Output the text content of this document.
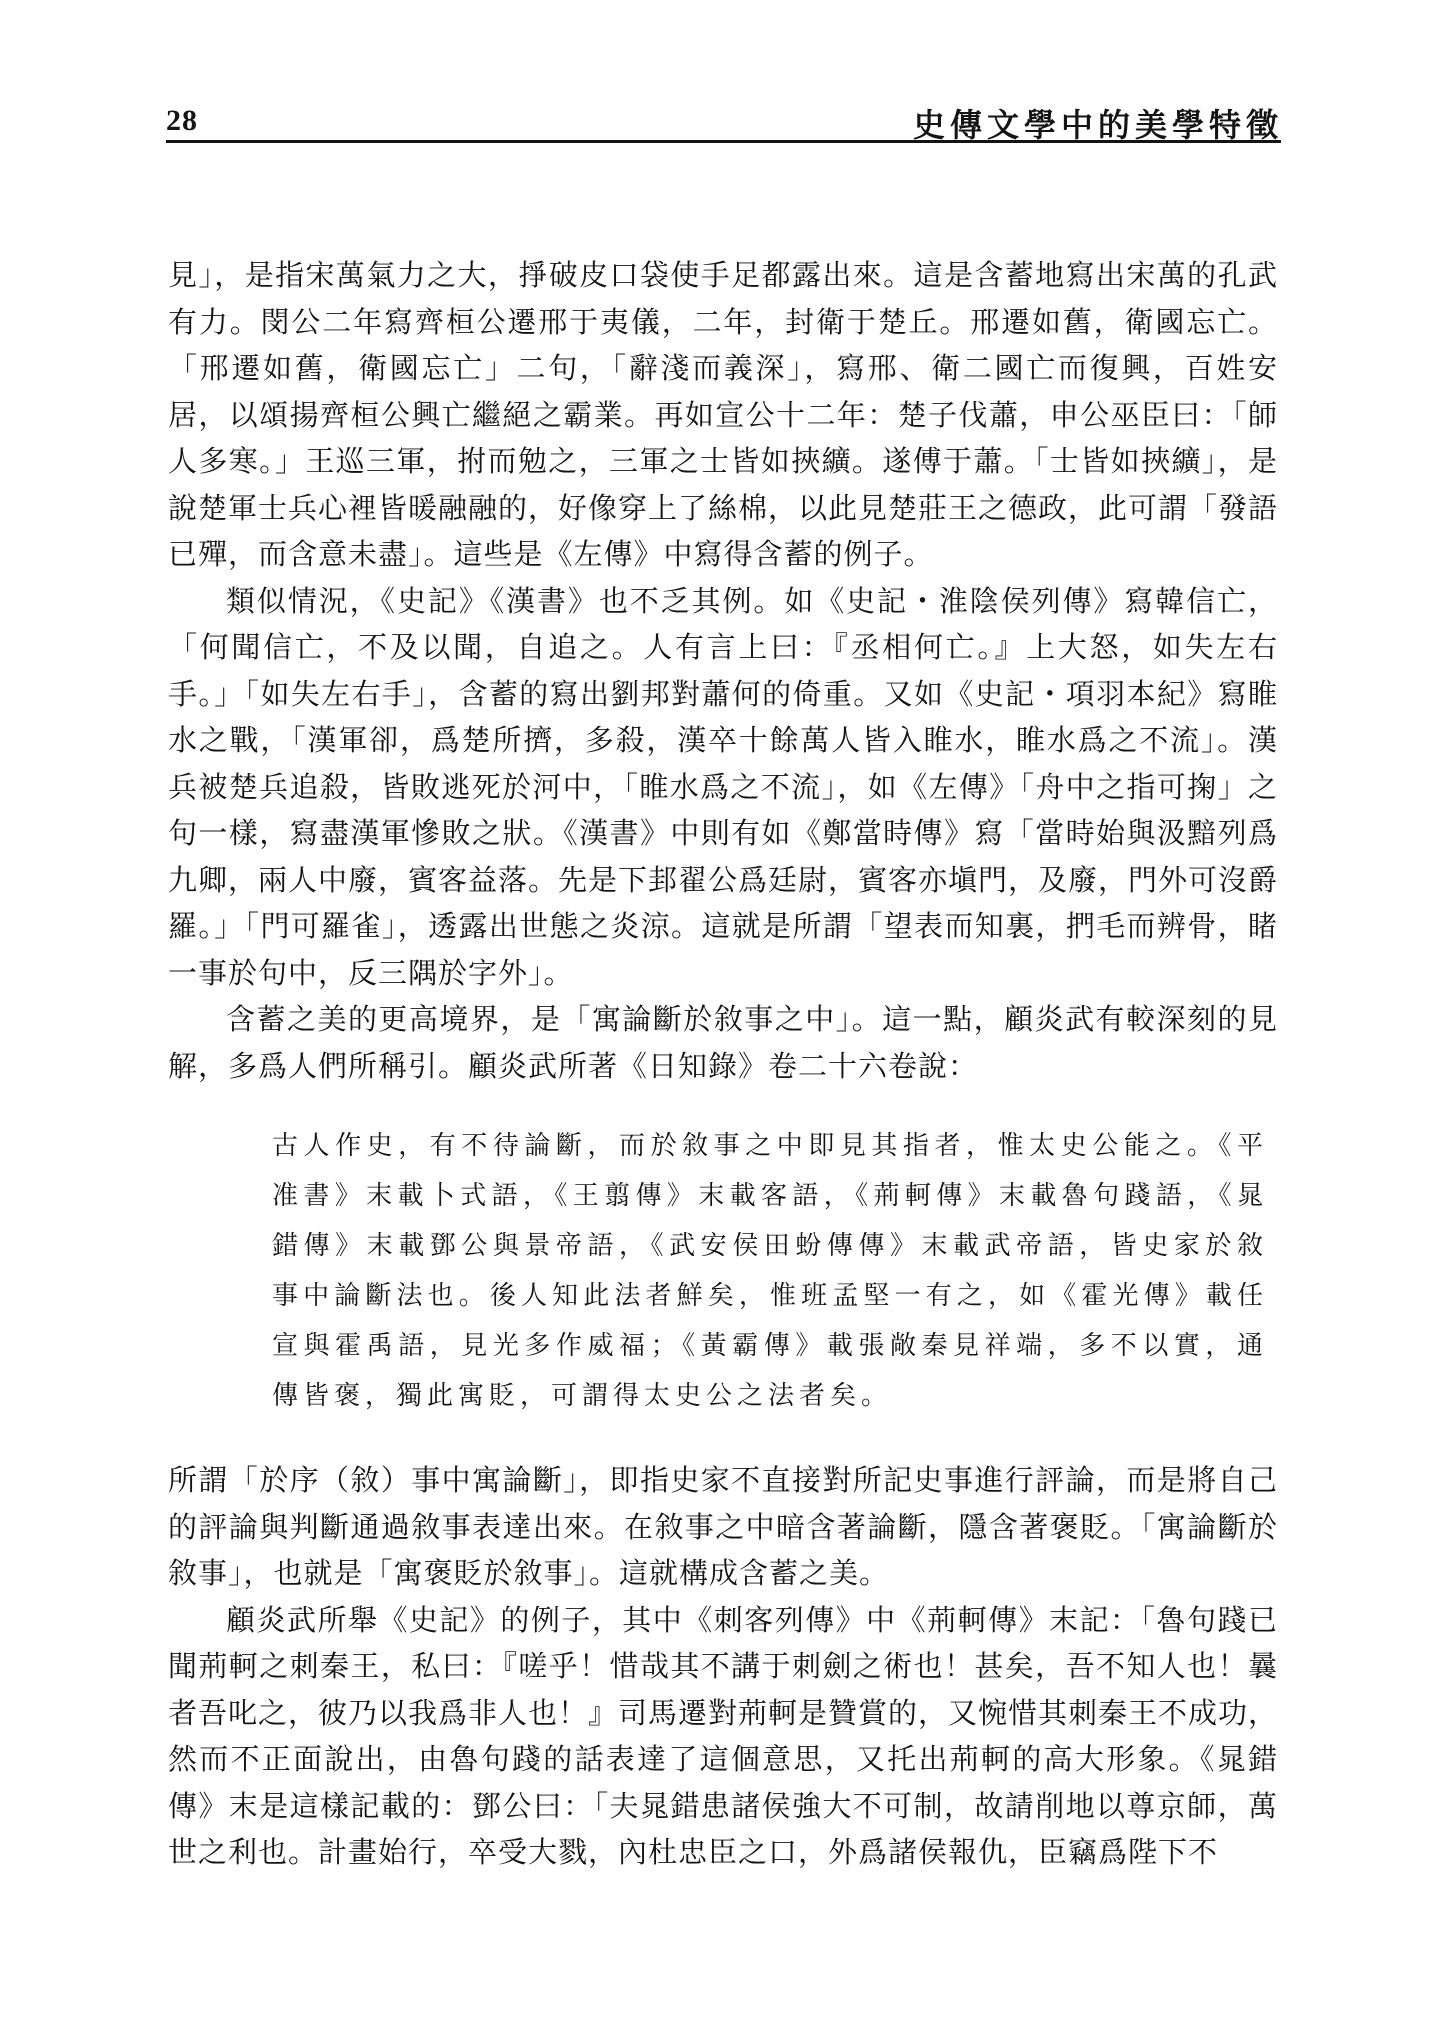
28	史傳文學中的美學特徵

見」，是指宋萬氣力之大，掙破皮口袋使手足都露出來。這是含蓄地寫出宋萬的孔武有力。閔公二年寫齊桓公遷邢于夷儀，二年，封衛于楚丘。邢遷如舊，衛國忘亡。「邢遷如舊，衛國忘亡」二句，「辭淺而義深」，寫邢、衛二國亡而復興，百姓安居，以頌揚齊桓公興亡繼絕之霸業。再如宣公十二年：楚子伐蕭，申公巫臣曰：「師人多寒。」王巡三軍，拊而勉之，三軍之士皆如挾纊。遂傅于蕭。「士皆如挾纊」，是說楚軍士兵心裡皆暖融融的，好像穿上了絲棉，以此見楚莊王之德政，此可謂「發語已殫，而含意未盡」。這些是《左傳》中寫得含蓄的例子。

類似情況，《史記》《漢書》也不乏其例。如《史記・淮陰侯列傳》寫韓信亡，「何聞信亡，不及以聞，自追之。人有言上曰：『丞相何亡。』上大怒，如失左右手。」「如失左右手」，含蓄的寫出劉邦對蕭何的倚重。又如《史記・項羽本紀》寫睢水之戰，「漢軍卻，爲楚所擠，多殺，漢卒十餘萬人皆入睢水，睢水爲之不流」。漢兵被楚兵追殺，皆敗逃死於河中，「睢水爲之不流」，如《左傳》「舟中之指可掬」之句一樣，寫盡漢軍慘敗之狀。《漢書》中則有如《鄭當時傳》寫「當時始與汲黯列爲九卿，兩人中廢，賓客益落。先是下邽翟公爲廷尉，賓客亦塡門，及廢，門外可沒爵羅。」「門可羅雀」，透露出世態之炎涼。這就是所謂「望表而知裏，捫毛而辨骨，睹一事於句中，反三隅於字外」。

含蓄之美的更高境界，是「寓論斷於敘事之中」。這一點，顧炎武有較深刻的見解，多爲人們所稱引。顧炎武所著《日知錄》卷二十六卷說：

古人作史，有不待論斷，而於敘事之中即見其指者，惟太史公能之。《平准書》末載卜式語，《王翦傳》末載客語，《荊軻傳》末載魯句踐語，《晁錯傳》末載鄧公與景帝語，《武安侯田蚡傳傳》末載武帝語，皆史家於敘事中論斷法也。後人知此法者鮮矣，惟班孟堅一有之，如《霍光傳》載任宣與霍禹語，見光多作威福；《黃霸傳》載張敞秦見祥端，多不以實，通傳皆褒，獨此寓貶，可謂得太史公之法者矣。

所謂「於序（敘）事中寓論斷」，即指史家不直接對所記史事進行評論，而是將自己的評論與判斷通過敘事表達出來。在敘事之中暗含著論斷，隱含著褒貶。「寓論斷於敘事」，也就是「寓褒貶於敘事」。這就構成含蓄之美。

顧炎武所舉《史記》的例子，其中《刺客列傳》中《荊軻傳》末記：「魯句踐已聞荊軻之刺秦王，私曰：『嗟乎！惜哉其不講于刺劍之術也！甚矣，吾不知人也！曩者吾叱之，彼乃以我爲非人也！』司馬遷對荊軻是贊賞的，又惋惜其刺秦王不成功，然而不正面說出，由魯句踐的話表達了這個意思，又托出荊軻的高大形象。《晁錯傳》末是這樣記載的：鄧公曰：「夫晁錯患諸侯強大不可制，故請削地以尊京師，萬世之利也。計畫始行，卒受大戮，內杜忠臣之口，外爲諸侯報仇，臣竊爲陛下不
